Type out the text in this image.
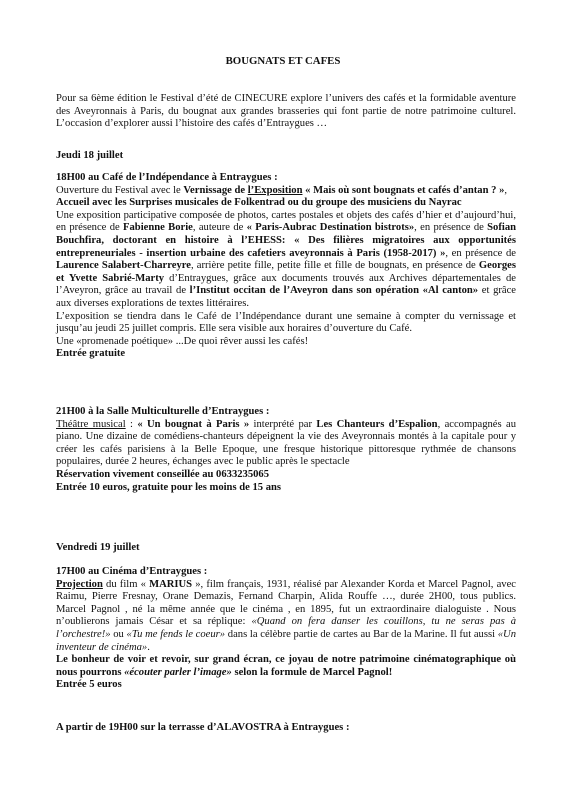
BOUGNATS ET CAFES

Pour sa 6ème édition le Festival d’été de CINECURE explore l’univers des cafés et la formidable aventure des Aveyronnais à Paris, du bougnat aux grandes brasseries qui font partie de notre patrimoine culturel. L’occasion d’explorer aussi l’histoire des cafés d’Entraygues …

Jeudi 18 juillet

18H00 au Café de l’Indépendance à Entraygues :

Ouverture du Festival avec le Vernissage de l’Exposition « Mais où sont bougnats et cafés d’antan ? »,

Accueil avec les Surprises musicales de Folkentrad ou du groupe des musiciens du Nayrac

Une exposition participative composée de photos, cartes postales et objets des cafés d’hier et d’aujourd’hui, en présence de Fabienne Borie, auteure de « Paris-Aubrac Destination bistrots», en présence de Sofian Bouchfira, doctorant en histoire à l’EHESS: « Des filières migratoires aux opportunités entrepreneuriales - insertion urbaine des cafetiers aveyronnais à Paris (1958-2017) », en présence de Laurence Salabert-Charreyre, arrière petite fille, petite fille et fille de bougnats, en présence de Georges et Yvette Sabrié-Marty d’Entraygues, grâce aux documents trouvés aux Archives départementales de l’Aveyron, grâce au travail de l’Institut occitan de l’Aveyron dans son opération «Al canton» et grâce aux diverses explorations de textes littéraires.

L’exposition se tiendra dans le Café de l’Indépendance durant une semaine à compter du vernissage et jusqu’au jeudi 25 juillet compris. Elle sera visible aux horaires d’ouverture du Café.

Une «promenade poétique» ...De quoi rêver aussi les cafés!

Entrée gratuite

21H00 à la Salle Multiculturelle d’Entraygues :

Théâtre musical : « Un bougnat à Paris » interprété par Les Chanteurs d’Espalion, accompagnés au piano. Une dizaine de comédiens-chanteurs dépeignent la vie des Aveyronnais montés à la capitale pour y créer les cafés parisiens à la Belle Epoque, une fresque historique pittoresque rythmée de chansons populaires, durée 2 heures, échanges avec le public après le spectacle

Réservation vivement conseillée au 0633235065

Entrée 10 euros, gratuite pour les moins de 15 ans

Vendredi 19 juillet

17H00 au Cinéma d’Entraygues :

Projection du film « MARIUS », film français, 1931, réalisé par Alexander Korda et Marcel Pagnol, avec Raimu, Pierre Fresnay, Orane Demazis, Fernand Charpin, Alida Rouffe …, durée 2H00, tous publics. Marcel Pagnol , né la même année que le cinéma , en 1895, fut un extraordinaire dialoguiste . Nous n’oublierons jamais César et sa réplique: «Quand on fera danser les couillons, tu ne seras pas à l’orchestre!» ou «Tu me fends le coeur» dans la célèbre partie de cartes au Bar de la Marine. Il fut aussi «Un inventeur de cinéma».

Le bonheur de voir et revoir, sur grand écran, ce joyau de notre patrimoine cinématographique où nous pourrons «écouter parler l’image» selon la formule de Marcel Pagnol!

Entrée 5 euros

A partir de 19H00 sur la terrasse d’ALAVOSTRA à Entraygues :
